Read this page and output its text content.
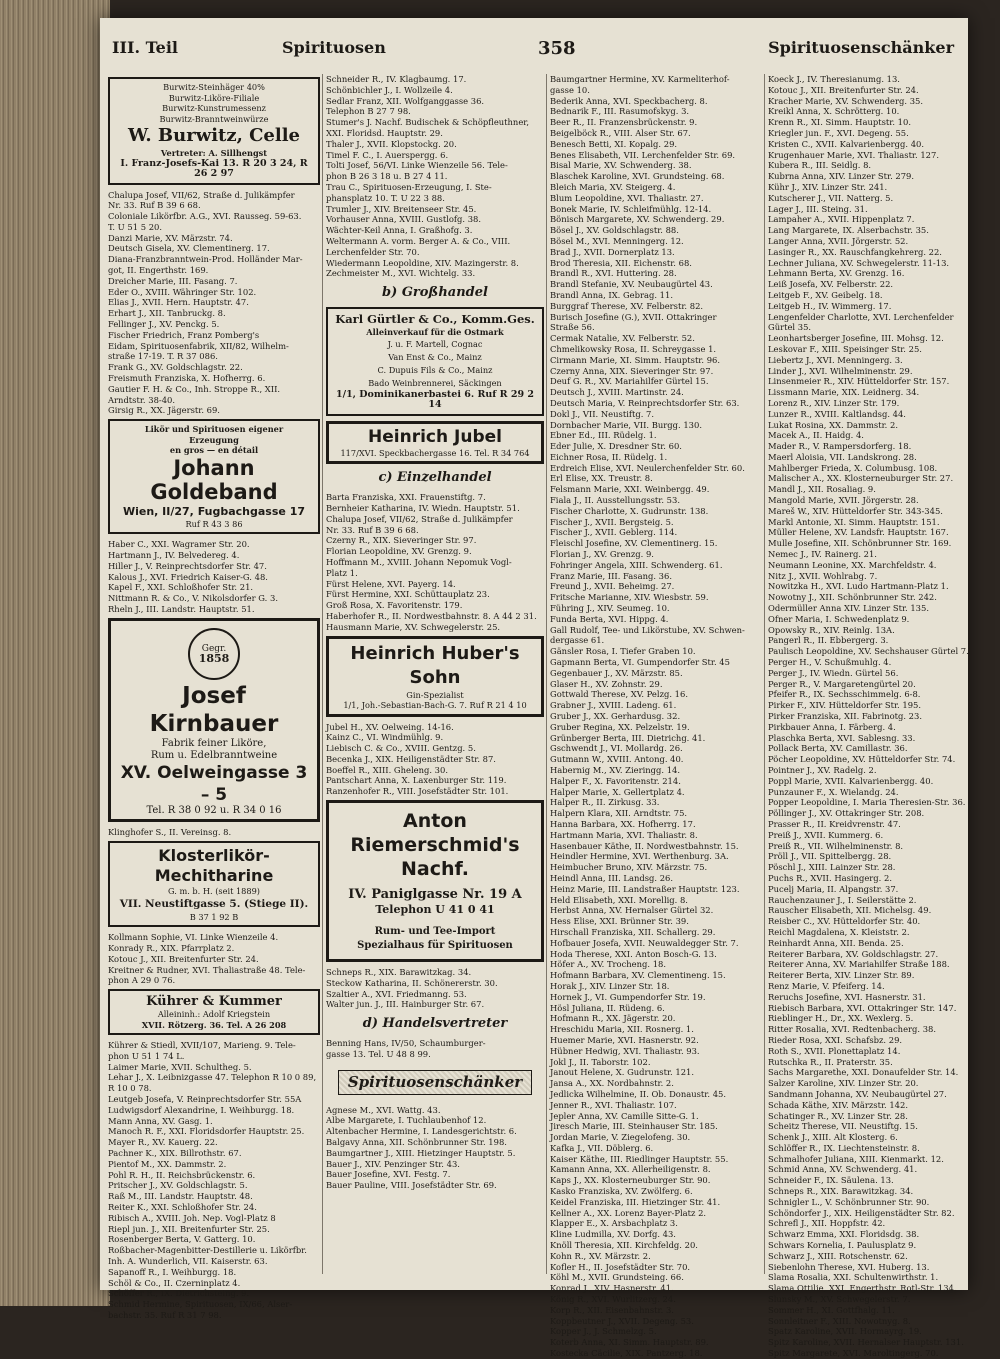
III. Teil	Spirituosen	358	Spirituosenschänker

Burwitz-Steinhäger 40%

Burwitz-Liköre-Filiale

Burwitz-Kunstrumessenz

Burwitz-Branntweinwürze

W. Burwitz, Celle
Vertreter: A. Sillhengst
I. Franz-Josefs-Kai 13. R 20 3 24, R 26 2 97

Chalupa Josef, VII/62, Straße d. Julikämpfer

Nr. 33. Ruf B 39 6 68.

Coloniale Likörfbr. A.G., XVI. Rausseg. 59-63.

T. U 51 5 20.

Danzi Marie, XV. Märzstr. 74.

Deutsch Gisela, XV. Clementinerg. 17.

Diana-Franzbranntwein-Prod. Holländer Mar-

got, II. Engerthstr. 169.

Dreicher Marie, III. Fasang. 7.

Eder O., XVIII. Währinger Str. 102.

Elias J., XVII. Hern. Hauptstr. 47.

Erhart J., XII. Tanbruckg. 8.

Fellinger J., XV. Penckg. 5.

Fischer Friedrich, Franz Pomberg's

Eidam, Spirituosenfabrik, XII/82, Wilhelm-

straße 17-19. T. R 37 086.

Frank G., XV. Goldschlagstr. 22.

Freismuth Franziska, X. Hofherrg. 6.

Gautier F. H. & Co., Inh. Stroppe R., XII.

Arndtstr. 38-40.

Girsig R., XX. Jägerstr. 69.

Likör und Spirituosen eigener

Erzeugung

en gros — en détail

Johann Goldeband
Wien, II/27, Fugbachgasse 17
Ruf R 43 3 86

Haber C., XXI. Wagramer Str. 20.

Hartmann J., IV. Belvedereg. 4.

Hiller J., V. Reinprechtsdorfer Str. 47.

Kalous J., XVI. Friedrich Kaiser-G. 48.

Kapel F., XXI. Schloßhofer Str. 21.

Nittmann R. & Co., V. Nikolsdorfer G. 3.

Rheln J., III. Landstr. Hauptstr. 51.

Gegr.
1858
Josef Kirnbauer

Fabrik feiner Liköre,

Rum u. Edelbranntweine

XV. Oelweingasse 3 – 5
Tel. R 38 0 92 u. R 34 0 16

Klinghofer S., II. Vereinsg. 8.

Klosterlikör-Mechitharine
G. m. b. H. (seit 1889)
VII. Neustiftgasse 5. (Stiege II).
B 37 1 92 B

Kollmann Sophie, VI. Linke Wienzeile 4.

Konrady R., XIX. Pfarrplatz 2.

Kotouc J., XII. Breitenfurter Str. 24.

Kreitner & Rudner, XVI. Thaliastraße 48. Tele-

phon A 29 0 76.

Kührer & Kummer
Alleininh.: Adolf Kriegstein
XVII. Rötzerg. 36. Tel. A 26 208

Kührer & Stiedl, XVII/107, Marieng. 9. Tele-

phon U 51 1 74 L.

Laimer Marie, XVII. Schultheg. 5.

Lehar J., X. Leibnizgasse 47. Telephon R 10 0 89,

R 10 0 78.

Leutgeb Josefa, V. Reinprechtsdorfer Str. 55A

Ludwigsdorf Alexandrine, I. Weihburgg. 18.

Mann Anna, XV. Gasg. 1.

Manoch R. F., XXI. Floridsdorfer Hauptstr. 25.

Mayer R., XV. Kauerg. 22.

Pachner K., XIX. Billrothstr. 67.

Pientof M., XX. Dammstr. 2.

Pohl R. H., II. Reichsbrückenstr. 6.

Pritscher J., XV. Goldschlagstr. 5.

Raß M., III. Landstr. Hauptstr. 48.

Reiter K., XXI. Schloßhofer Str. 24.

Ribisch A., XVIII. Joh. Nep. Vogl-Platz 8

Riepl jun. J., XII. Breitenfurter Str. 25.

Rosenberger Berta, V. Gatterg. 10.

Roßbacher-Magenbitter-Destillerie u. Likörfbr.

Inh. A. Wunderlich, VII. Kaiserstr. 63.

Sapanoff R., I. Weihburgg. 18.

Schöl & Co., II. Czerninplatz 4.

Schöffer R., IX. Dietrichsteing. 9.

Schmid Hermine, Spirituosen, IX/66, Alser-

bachstr. 35. Ruf R 31 7 98.

Schneider R., IV. Klagbaumg. 17.

Schönbichler J., I. Wollzeile 4.

Sedlar Franz, XII. Wolfganggasse 36.

Telephon B 27 7 98.

Stumer's J. Nachf. Budischek & Schöpfleuthner,

XXI. Floridsd. Hauptstr. 29.

Thaler J., XVII. Klopstockg. 20.

Timel F. C., I. Auerspergg. 6.

Tolti Josef, 56/VI. Linke Wienzeile 56. Tele-

phon B 26 3 18 u. B 27 4 11.

Trau C., Spirituosen-Erzeugung, I. Ste-

phansplatz 10. T. U 22 3 88.

Trumler J., XIV. Breitenseer Str. 45.

Vorhauser Anna, XVIII. Gustlofg. 38.

Wächter-Keil Anna, I. Graßhofg. 3.

Weltermann A. vorm. Berger A. & Co., VIII.

Lerchenfelder Str. 70.

Wiedermann Leopoldine, XIV. Mazingerstr. 8.

Zechmeister M., XVI. Wichtelg. 33.

b) Großhandel
Karl Gürtler & Co., Komm.Ges.
Alleinverkauf für die Ostmark

J. u. F. Martell, Cognac

Van Enst & Co., Mainz

C. Dupuis Fils & Co., Mainz

Bado Weinbrennerei, Säckingen

1/1, Dominikanerbastei 6. Ruf R 29 2 14
Heinrich Jubel
117/XVI. Speckbachergasse 16. Tel. R 34 764
c) Einzelhandel

Barta Franziska, XXI. Frauenstiftg. 7.

Bernheier Katharina, IV. Wiedn. Hauptstr. 51.

Chalupa Josef, VII/62, Straße d. Julikämpfer

Nr. 33. Ruf B 39 6 68.

Czerny R., XIX. Sieveringer Str. 97.

Florian Leopoldine, XV. Grenzg. 9.

Hoffmann M., XVIII. Johann Nepomuk Vogl-

Platz 1.

Fürst Helene, XVI. Payerg. 14.

Fürst Hermine, XXI. Schüttauplatz 23.

Groß Rosa, X. Favoritenstr. 179.

Haberhofer R., II. Nordwestbahnstr. 8. A 44 2 31.

Hausmann Marie, XV. Schwegelerstr. 25.

Heinrich Huber's Sohn
Gin-Spezialist
1/1, Joh.-Sebastian-Bach-G. 7. Ruf R 21 4 10

Jubel H., XV. Oelweing. 14-16.

Kainz C., VI. Windmühlg. 9.

Liebisch C. & Co., XVIII. Gentzg. 5.

Becenka J., XIX. Heiligenstädter Str. 87.

Boeffel R., XIII. Gheleng. 30.

Pantschart Anna, X. Laxenburger Str. 119.

Ranzenhofer R., VIII. Josefstädter Str. 101.

Anton Riemerschmid's
Nachf.
IV. Paniglgasse Nr. 19 A
Telephon U 41 0 41

Rum- und Tee-Import

Spezialhaus für Spirituosen

Schneps R., XIX. Barawitzkag. 34.

Steckow Katharina, II. Schönererstr. 30.

Szaltier A., XVI. Friedmanng. 53.

Walter jun. J., III. Hainburger Str. 67.

d) Handelsvertreter

Benning Hans, IV/50, Schaumburger-

gasse 13. Tel. U 48 8 99.

Spirituosenschänker

Agnese M., XVI. Wattg. 43.

Albe Margarete, I. Tuchlaubenhof 12.

Altenbacher Hermine, I. Landesgerichtstr. 6.

Balgavy Anna, XII. Schönbrunner Str. 198.

Baumgartner J., XIII. Hietzinger Hauptstr. 5.

Bauer J., XIV. Penzinger Str. 43.

Bauer Josefine, XVI. Festg. 7.

Bauer Pauline, VIII. Josefstädter Str. 69.

Baumgartner Hermine, XV. Karmeliterhof-

gasse 10.

Bederik Anna, XVI. Speckbacherg. 8.

Bednarik F., III. Rasumofskyg. 3.

Beer R., II. Franzensbrückenstr. 9.

Beigelböck R., VIII. Alser Str. 67.

Benesch Betti, XI. Kopalg. 29.

Benes Elisabeth, VII. Lerchenfelder Str. 69.

Bisal Marie, XV. Schwenderg. 38.

Blaschek Karoline, XVI. Grundsteing. 68.

Bleich Maria, XV. Steigerg. 4.

Blum Leopoldine, XVI. Thaliastr. 27.

Bonek Marie, IV. Schleifmühlg. 12-14.

Bönisch Margarete, XV. Schwenderg. 29.

Bösel J., XV. Goldschlagstr. 88.

Bösel M., XVI. Menningerg. 12.

Brad J., XVII. Dornerplatz 13.

Brod Theresia, XII. Eichenstr. 68.

Brandl R., XVI. Huttering. 28.

Brandl Stefanie, XV. Neubaugürtel 43.

Brandl Anna, IX. Gebrag. 11.

Burggraf Therese, XV. Felberstr. 82.

Burisch Josefine (G.), XVII. Ottakringer

Straße 56.

Cermak Natalie, XV. Felberstr. 52.

Chmelikowsky Rosa, II. Schreygasse 1.

Cirmann Marie, XI. Simm. Hauptstr. 96.

Czerny Anna, XIX. Sieveringer Str. 97.

Deuf G. R., XV. Mariahilfer Gürtel 15.

Deutsch J., XVIII. Martinstr. 24.

Deutsch Maria, V. Reinprechtsdorfer Str. 63.

Dokl J., VII. Neustiftg. 7.

Dornbacher Marie, VII. Burgg. 130.

Ebner Ed., III. Rüdelg. 1.

Eder Julie, X. Dresdner Str. 60.

Eichner Rosa, II. Rüdelg. 1.

Erdreich Elise, XVI. Neulerchenfelder Str. 60.

Erl Elise, XX. Treustr. 8.

Felsmann Marie, XXI. Weinbergg. 49.

Fiala J., II. Ausstellungsstr. 53.

Fischer Charlotte, X. Gudrunstr. 138.

Fischer J., XVII. Bergsteig. 5.

Fischer J., XVII. Geblerg. 114.

Fleischl Josefine, XV. Clementinerg. 15.

Florian J., XV. Grenzg. 9.

Fohringer Angela, XIII. Schwenderg. 61.

Franz Marie, III. Fasang. 36.

Freund J., XVII. Beheimg. 27.

Fritsche Marianne, XIV. Wiesbstr. 59.

Führing J., XIV. Seumeg. 10.

Funda Berta, XVI. Hippg. 4.

Gall Rudolf, Tee- und Likörstube, XV. Schwen-

dergasse 61.

Gänsler Rosa, I. Tiefer Graben 10.

Gapmann Berta, VI. Gumpendorfer Str. 45

Gegenbauer J., XV. Märzstr. 85.

Glaser H., XV. Zohnstr. 29.

Gottwald Therese, XV. Pelzg. 16.

Grabner J., XVIII. Ladeng. 61.

Gruber J., XX. Gerhardusg. 32.

Gruber Regina, XX. Pelzelstr. 19.

Grünberger Berta, III. Dietrichg. 41.

Gschwendt J., VI. Mollardg. 26.

Gutmann W., XVIII. Antong. 40.

Habernig M., XV. Zieringg. 14.

Halper F., X. Favoritenstr. 214.

Halper Marie, X. Gellertplatz 4.

Halper R., II. Zirkusg. 33.

Halpern Klara, XII. Arndtstr. 75.

Hanna Barbara, XX. Hofherrg. 17.

Hartmann Maria, XVI. Thaliastr. 8.

Hasenbauer Käthe, II. Nordwestbahnstr. 15.

Heindler Hermine, XVI. Werthenburg. 3A.

Heimbucher Bruno, XIV. Märzstr. 75.

Heindl Anna, III. Landsg. 26.

Heinz Marie, III. Landstraßer Hauptstr. 123.

Held Elisabeth, XXI. Morellig. 8.

Herbst Anna, XV. Hernalser Gürtel 32.

Hess Elise, XXI. Brünner Str. 39.

Hirschall Franziska, XII. Schallerg. 29.

Hofbauer Josefa, XVII. Neuwaldegger Str. 7.

Hoda Therese, XXI. Anton Bosch-G. 13.

Höfer A., XV. Trocheng. 18.

Hofmann Barbara, XV. Clementineng. 15.

Horak J., XIV. Linzer Str. 18.

Hornek J., VI. Gumpendorfer Str. 19.

Hösl Juliana, II. Rüdeng. 6.

Hofmann R., XX. Jägerstr. 20.

Hreschidu Maria, XII. Rosnerg. 1.

Huemer Marie, XVI. Hasnerstr. 92.

Hübner Hedwig, XVI. Thaliastr. 93.

Jokl J., II. Taborstr. 102.

Janout Helene, X. Gudrunstr. 121.

Jansa A., XX. Nordbahnstr. 2.

Jedlicka Wilhelmine, II. Ob. Donaustr. 45.

Jenner R., XVI. Thaliastr. 107.

Jepler Anna, XV. Camille Sitte-G. 1.

Jiresch Marie, III. Steinhauser Str. 185.

Jordan Marie, V. Ziegelofeng. 30.

Kafka J., VII. Döblerg. 6.

Kaiser Käthe, III. Riedlinger Hauptstr. 55.

Kamann Anna, XX. Allerheiligenstr. 8.

Kaps J., XX. Klosterneuburger Str. 90.

Kasko Franziska, XV. Zwölferg. 6.

Keidel Franziska, III. Hietzinger Str. 41.

Kellner A., XX. Lorenz Bayer-Platz 2.

Klapper E., X. Arsbachplatz 3.

Kline Ludmilla, XV. Dorfg. 43.

Knöll Theresia, XII. Kirchfeldg. 20.

Kohn R., XV. Märzstr. 2.

Kofler H., II. Josefstädter Str. 70.

Köhl M., XVII. Grundsteing. 66.

Konrad J., XIV. Hasnerstr. 41.

König R., XVI. Wurlitzerg. 24.

Korp R., XII. Eisenbahnstr. 3.

Koppbeutner J., XVII. Degeng. 53.

Kopper J., J. Schmelzg. 5.

Koterb Anna, XI. Simm. Hauptstr. 89.

Kostecka Cäcilie, XIX. Pantzerg. 18.

Koeck J., IV. Theresianumg. 13.

Kotouc J., XII. Breitenfurter Str. 24.

Kracher Marie, XV. Schwenderg. 35.

Kreikl Anna, X. Schrötterg. 10.

Krenn R., XI. Simm. Hauptstr. 10.

Kriegler jun. F., XVI. Degeng. 55.

Kristen C., XVII. Kalvarienbergg. 40.

Krugenhauer Marie, XVI. Thaliastr. 127.

Kubera R., III. Seidlg. 8.

Kubrna Anna, XIV. Linzer Str. 279.

Kühr J., XIV. Linzer Str. 241.

Kutscherer J., VII. Natterg. 5.

Lager J., III. Steing. 31.

Lampaher A., XVII. Hippenplatz 7.

Lang Margarete, IX. Alserbachstr. 35.

Langer Anna, XVII. Jörgerstr. 52.

Lasinger R., XX. Rauschfangkehrerg. 22.

Lechner Juliana, XV. Schwegelerstr. 11-13.

Lehmann Berta, XV. Grenzg. 16.

Leiß Josefa, XV. Felberstr. 22.

Leitgeb F., XV. Geibelg. 18.

Leitgeb H., IV. Wimmerg. 17.

Lengenfelder Charlotte, XVI. Lerchenfelder

Gürtel 35.

Leonhartsberger Josefine, III. Mohsg. 12.

Leskovar F., XIII. Speisinger Str. 25.

Liebertz J., XVI. Menningerg. 3.

Linder J., XVI. Wilhelminenstr. 29.

Linsenmeier R., XIV. Hütteldorfer Str. 157.

Lissmann Marie, XIX. Leidnerg. 34.

Lorenz R., XIV. Linzer Str. 179.

Lunzer R., XVIII. Kaltlandsg. 44.

Lukat Rosina, XX. Dammstr. 2.

Macek A., II. Haidg. 4.

Mader R., V. Rampersdorferg. 18.

Maerl Aloisia, VII. Landskrong. 28.

Mahlberger Frieda, X. Columbusg. 108.

Malischer A., XX. Klosterneuburger Str. 27.

Mandl J., XII. Rosaliag. 9.

Mangold Marie, XVII. Jörgerstr. 28.

Mareš W., XIV. Hütteldorfer Str. 343-345.

Markl Antonie, XI. Simm. Hauptstr. 151.

Müller Helene, XV. Landsfr. Hauptstr. 167.

Mulle Josefine, XII. Schönbrunner Str. 169.

Nemec J., IV. Rainerg. 21.

Neumann Leonine, XX. Marchfeldstr. 4.

Nitz J., XVII. Wohlrabg. 7.

Nowitzka H., XVI. Ludo Hartmann-Platz 1.

Nowotny J., XII. Schönbrunner Str. 242.

Odermüller Anna XIV. Linzer Str. 135.

Ofner Maria, I. Schwedenplatz 9.

Opowsky R., XIV. Reinlg. 13A.

Pangerl R., II. Ebbergerg. 3.

Paulisch Leopoldine, XV. Sechshauser Gürtel 7.

Perger H., V. Schußmuhlg. 4.

Perger J., IV. Wiedn. Gürtel 56.

Perger R., V. Margaretengürtel 20.

Pfeifer R., IX. Sechsschimmelg. 6-8.

Pirker F., XIV. Hütteldorfer Str. 195.

Pirker Franziska, XII. Fabrinotg. 23.

Pirkbauer Anna, I. Färberg. 4.

Plaschka Berta, XVI. Sablesng. 33.

Pollack Berta, XV. Camillastr. 36.

Pöcher Leopoldine, XV. Hütteldorfer Str. 74.

Pointner J., XV. Radelg. 2.

Poppl Marie, XVII. Kalvarienbergg. 40.

Punzauner F., X. Wielandg. 24.

Popper Leopoldine, I. Maria Theresien-Str. 36.

Pöllinger J., XV. Ottakringer Str. 208.

Prasser R., II. Kreidvrenstr. 47.

Preiß J., XVII. Kummerg. 6.

Preiß R., VII. Wilhelminenstr. 8.

Pröll J., VII. Spittelbergg. 28.

Pöschl J., XIII. Lainzer Str. 28.

Puchs R., XVII. Hasingerg. 2.

Pucelj Maria, II. Alpangstr. 37.

Rauchenzauner J., I. Seilerstätte 2.

Rauscher Elisabeth, XII. Michelsg. 49.

Reisber C., XV. Hütteldorfer Str. 40.

Reichl Magdalena, X. Kleiststr. 2.

Reinhardt Anna, XII. Benda. 25.

Reiterer Barbara, XV. Goldschlagstr. 27.

Reiterer Anna, XV. Mariahilfer Straße 188.

Reiterer Berta, XIV. Linzer Str. 89.

Renz Marie, V. Pfeiferg. 14.

Reruchs Josefine, XVI. Hasnerstr. 31.

Riebisch Barbara, XVI. Ottakringer Str. 147.

Rieblinger H., Dr., XX. Wexlerg. 5.

Ritter Rosalia, XVI. Redtenbacherg. 38.

Rieder Rosa, XXI. Schafsbz. 29.

Roth S., XVII. Plonettaplatz 14.

Rutschka R., II. Praterstr. 35.

Sachs Margarethe, XXI. Donaufelder Str. 14.

Salzer Karoline, XIV. Linzer Str. 20.

Sandmann Johanna, XV. Neubaugürtel 27.

Schada Käthe, XIV. Märzstr. 142.

Schatinger R., XV. Linzer Str. 28.

Scheitz Therese, VII. Neustiftg. 15.

Schenk J., XIII. Alt Klosterg. 6.

Schlöffer R., IX. Liechtensteinstr. 8.

Schmalhofer Juliana, XIII. Kienmarkt. 12.

Schmid Anna, XV. Schwenderg. 41.

Schneider F., IX. Säulena. 13.

Schneps R., XIX. Barawitzkag. 34.

Schnigler L., V. Schönbrunner Str. 90.

Schöndorfer J., XIX. Heiligenstädter Str. 82.

Schrefl J., XII. Hoppfstr. 42.

Schwarz Emma, XXI. Floridsdg. 38.

Schwars Kornelia, I. Paulusplatz 9.

Schwarz J., XIII. Rotschenstr. 62.

Siebenlohn Therese, XVI. Huberg. 13.

Slama Rosalia, XXI. Schultenwirthstr. 1.

Slama Ottilie, XXI. Engerthstr. Rotl-Str. 134.

Slunsky M., XV. Schwegelerstr. 7.

Sommer H., XI. Gottfhalg. 11.

Sonnleitner F., XIII. Nowotnyg. 8.

Spatz Karoline, XVII. Hormayrg. 19.

Spitz Karoline, XVII. Hernalser Hauptstr. 131.

Spitz Margarete, XVI. Maroltingerg. 70.
